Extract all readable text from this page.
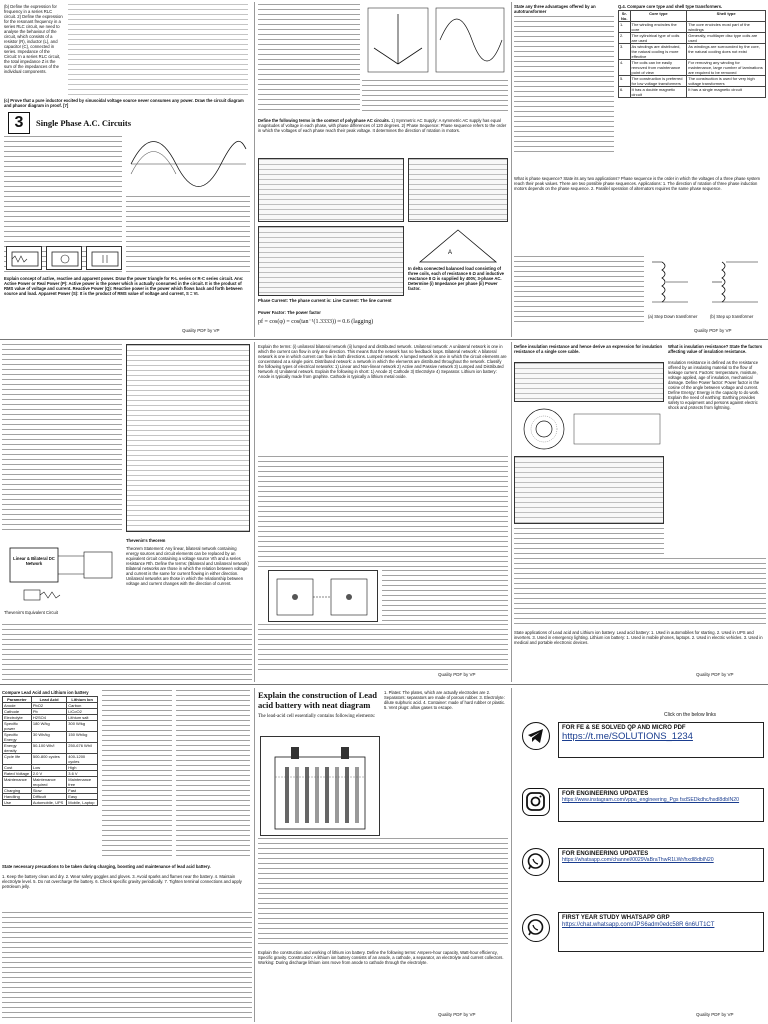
(b) Define the expression for frequency in a series RLC circuit. 2) Define the expression for the resonant frequency in a series RLC circuit, we need to analyse the behaviour of the circuit, which consists of a resistor (R), inductor (L), and capacitor (C), connected in series. Impedance of the Circuit: In a series RLC circuit, the total impedance Z is the sum of the impedances of the individual components.

(c) Prove that a pure inductor excited by sinusoidal voltage source never consumes any power. Draw the circuit diagram and phasor diagram in proof. [7]
3	Single Phase A.C. Circuits
Explain concept of active, reactive and apparent power. Draw the power triangle for R-L series or R-C series circuit. Ans: Active Power or Real Power (P): Active power is the power which is actually consumed in the circuit. It is the product of RMS value of voltage and current. Reactive Power (Q): Reactive power is the power which flows back and forth between source and load. Apparent Power (S): It is the product of RMS value of voltage and current, S = VI.
Quality PDF by VP
Define the following terms in the context of polyphase AC circuits. 1) Symmetric AC Supply: A symmetric AC supply has equal magnitudes of voltage in each phase, with phase differences of 120 degrees. 2) Phase Sequence: Phase sequence refers to the order in which the voltages of each phase reach their peak voltage. It determines the direction of rotation in motors.
A
In delta connected balanced load consisting of three coils, each of resistance 6 Ω and inductive reactance 8 Ω is supplied by 400V, 3-phase AC. Determine (i) Impedance per phase (ii) Power factor.
Phase Current: The phase current is: Line Current: The line current
Power Factor: The power factor
pf = cos(φ) = cos(tan⁻¹(1.3333)) ≈ 0.6 (lagging)
State any three advantages offered by an autotransformer
Q.4. Compare core type and shell type transformers.
Sr. No.	Core type	Shell type
1.	The winding encircles the core	The core encircles most part of the windings
2.	The cylindrical type of coils are used	Generally, multilayer disc type coils are used
3.	As windings are distributed, the natural cooling is more effective	As windings are surrounded by the core, the natural cooling does not exist
4.	The coils can be easily removed from maintenance point of view	For removing any winding for maintenance, large number of laminations are required to be removed
5.	The construction is preferred for low voltage transformers	The construction is used for very high voltage transformers
6.	It has a double magnetic circuit	It has a single magnetic circuit
What is phase sequence? State its any two applications? Phase sequence is the order in which the voltages of a three phase system reach their peak values. There are two possible phase sequences. Applications: 1. The direction of rotation of three phase induction motors depends on the phase sequence. 2. Parallel operation of alternators requires the same phase sequence.
(a) Step Down transformer	(b) Step up transformer
Quality PDF by VP
Linear & Bilateral DC Network
Thevenin's Equivalent Circuit
Thevenin's theorem
Theorem Statement: Any linear, bilateral network containing energy sources and circuit elements can be replaced by an equivalent circuit containing a voltage source Vth and a series resistance Rth. Define the terms: (Bilateral and Unilateral network) Bilateral networks are those in which the relation between voltage and current is the same for current flowing in either direction. Unilateral networks are those in which the relationship between voltage and current changes with the direction of current.
Explain the terms: (i) unilateral bilateral network (ii) lumped and distributed network. Unilateral network: A unilateral network is one in which the current can flow in only one direction. This means that the network has no feedback loops. Bilateral network: A bilateral network is one in which current can flow in both directions. Lumped network: A lumped network is one in which the circuit elements are concentrated at a single point. Distributed network: a network in which the elements are distributed throughout the network. Classify the following types of electrical networks: 1) Linear and Non-linear network 2) Active and Passive network 3) Lumped and Distributed Network 4) Unilateral network. Explain the following in short: 1) Anode 2) Cathode 3) Electrolyte 4) Separator. Lithium ion battery: Anode is typically made from graphite. Cathode is typically a lithium metal oxide.
Quality PDF by VP
Define insulation resistance and hence derive an expression for insulation resistance of a single core cable.
What is insulation resistance? State the factors affecting value of insulation resistance.
Insulation resistance is defined as the resistance offered by an insulating material to the flow of leakage current. Factors: temperature, moisture, voltage applied, age of insulation, mechanical damage. Define Power factor: Power factor is the cosine of the angle between voltage and current. Define Energy: Energy is the capacity to do work. Explain the need of earthing: Earthing provides safety to equipment and persons against electric shock and protects from lightning.
State applications of Lead acid and Lithium ion battery. Lead acid battery: 1. Used in automobiles for starting. 2. Used in UPS and inverters. 3. Used in emergency lighting. Lithium ion battery: 1. Used in mobile phones, laptops. 2. Used in electric vehicles. 3. Used in medical and portable electronic devices.
Quality PDF by VP
Compare Lead Acid and Lithium ion battery
Parameter	Lead Acid	Lithium Ion
Anode	PbO2	Carbon
Cathode	Pb	LiCoO2
Electrolyte	H2SO4	Lithium salt
Specific power	180 W/kg	300 W/kg
Specific Energy	30 Wh/kg	150 Wh/kg
Energy density	50-100 Wh/l	250-676 Wh/l
Cycle life	500-800 cycles	400-1200 cycles
Cost	Low	High
Rated Voltage	2.0 V	3.6 V
Maintenance	Maintenance required	Maintenance free
Charging	Slow	Fast
Handling	Difficult	Easy
Use	Automobile, UPS	Mobile, Laptop
State necessary precautions to be taken during charging, boosting and maintenance of lead acid battery.
1. Keep the battery clean and dry. 2. Wear safety goggles and gloves. 3. Avoid sparks and flames near the battery. 4. Maintain electrolyte level. 5. Do not overcharge the battery. 6. Check specific gravity periodically. 7. Tighten terminal connections and apply petroleum jelly.
Explain the construction of Lead acid battery with neat diagram
The lead-acid cell essentially contains following elements:
1. Plates: The plates, which are actually electrodes are 2. Separators: separators are made of porous rubber. 3. Electrolyte: dilute sulphuric acid. 4. Container: made of hard rubber or plastic. 5. Vent plugs: allow gases to escape.
Explain the construction and working of lithium ion battery. Define the following terms: Ampere-hour capacity, Watt-hour efficiency, Specific gravity. Construction: A lithium ion battery consists of an anode, a cathode, a separator, an electrolyte and current collectors. Working: During discharge lithium ions move from anode to cathode through the electrolyte.
Quality PDF by VP
Click on the below links
FOR FE & SE SOLVED QP AND MICRO PDF
https://t.me/SOLUTIONS_1234
FOR ENGINEERING UPDATES
https://www.instagram.com/vppu_engineering_Pgs fsdSEDkdhc/hxdl8dbIN20
FOR ENGINEERING UPDATES
https://whatsapp.com/channel/0029VaBraThwR1LWr/hxdl8dbIN20
FIRST YEAR STUDY WHATSAPP GRP
https://chat.whatsapp.com/JPS6adm0edc58R 6n6UT1CT
Quality PDF by VP
